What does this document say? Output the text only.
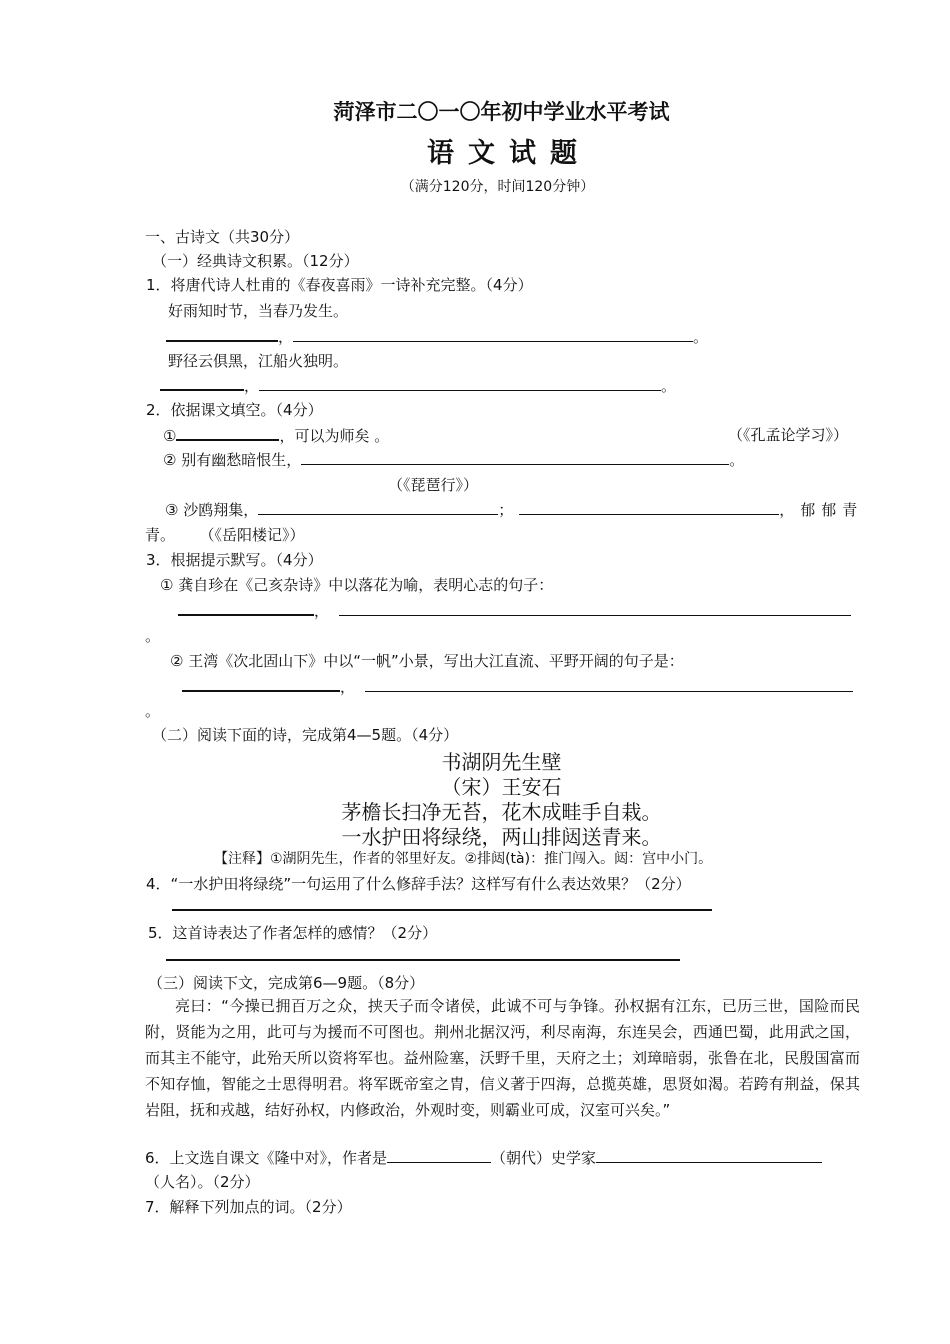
菏泽市二〇一〇年初中学业水平考试
语文试题
（满分120分，时间120分钟）
一、古诗文（共30分）
（一）经典诗文积累。（12分）
1．将唐代诗人杜甫的《春夜喜雨》一诗补充完整。（4分）
好雨知时节，当春乃发生。
，	。
野径云俱黑，江船火独明。
，	。
2．依据课文填空。（4分）
①	，可以为师矣 。	（《孔孟论学习》）
② 别有幽愁暗恨生，	。
（《琵琶行》）
③ 沙鸥翔集，	；	，郁郁青
青。 （《岳阳楼记》）
3．根据提示默写。（4分）
① 龚自珍在《己亥杂诗》中以落花为喻，表明心志的句子：
，
。
② 王湾《次北固山下》中以“一帆”小景，写出大江直流、平野开阔的句子是：
，
。
（二）阅读下面的诗，完成第4—5题。（4分）
书湖阴先生壁
（宋）王安石
茅檐长扫净无苔，花木成畦手自栽。
一水护田将绿绕，两山排闼送青来。
【注释】①湖阴先生，作者的邻里好友。②排闼(tà)：推门闯入。闼：宫中小门。
4．“一水护田将绿绕”一句运用了什么修辞手法？这样写有什么表达效果？（2分）
5．这首诗表达了作者怎样的感情？（2分）
（三）阅读下文，完成第6—9题。（8分）
亮曰：“今操已拥百万之众，挟天子而令诸侯，此诚不可与争锋。孙权据有江东，已历三世，国险而民附，贤能为之用，此可与为援而不可图也。荆州北据汉沔，利尽南海，东连吴会，西通巴蜀，此用武之国，而其主不能守，此殆天所以资将军也。益州险塞，沃野千里，天府之土；刘璋暗弱，张鲁在北，民殷国富而不知存恤，智能之士思得明君。将军既帝室之胄，信义著于四海，总揽英雄，思贤如渴。若跨有荆益，保其岩阻，抚和戎越，结好孙权，内修政治，外观时变，则霸业可成，汉室可兴矣。”
6．上文选自课文《隆中对》，作者是	（朝代）史学家
（人名）。（2分）
7．解释下列加点的词。（2分）
